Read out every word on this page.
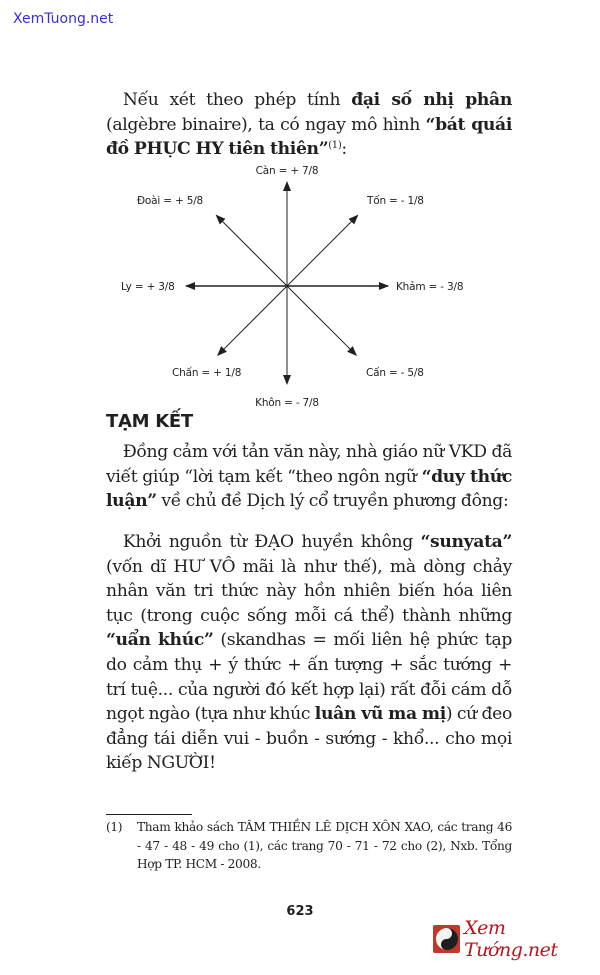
XemTuong.net

 Nếu xét theo phép tính đại số nhị phân (algèbre binaire), ta có ngay mô hình “bát quái đồ PHỤC HY tiên thiên”$^{(1)}$:

Càn = + 7/8
Tốn = - 1/8
Khảm = - 3/8
Cấn = - 5/8
Khôn = - 7/8
Chấn = + 1/8
Ly = + 3/8
Đoài = + 5/8
TẠM KẾT

 Đồng cảm với tản văn này, nhà giáo nữ VKD đã viết giúp “lời tạm kết “theo ngôn ngữ “duy thức luận” về chủ đề Dịch lý cổ truyền phương đông:

 Khởi nguồn từ ĐẠO huyền không “sunyata” (vốn dĩ HƯ VÔ mãi là như thế), mà dòng chảy nhân văn tri thức này hồn nhiên biến hóa liên tục (trong cuộc sống mỗi cá thể) thành những “uẩn khúc” (skandhas = mối liên hệ phức tạp do cảm thụ + ý thức + ấn tượng + sắc tướng + trí tuệ... của người đó kết hợp lại) rất đỗi cám dỗ ngọt ngào (tựa như khúc luân vũ ma mị) cứ đeo đẳng tái diễn vui - buồn - sướng - khổ... cho mọi kiếp NGƯỜI!

(1) Tham khảo sách TÂM THIỀN LÊ DỊCH XÔN XAO, các trang 46 - 47 - 48 - 49 cho (1), các trang 70 - 71 - 72 cho (2), Nxb. Tổng Hợp TP. HCM - 2008.
623
Xem Tướng.net
